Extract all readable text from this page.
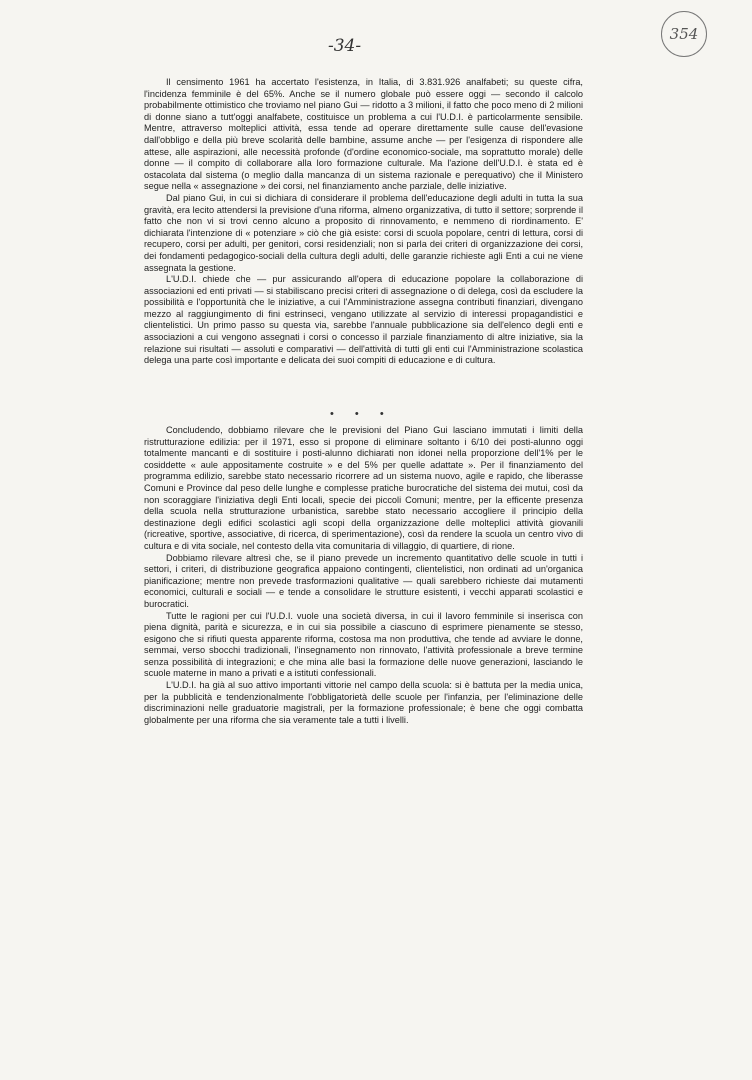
354
-34-

Il censimento 1961 ha accertato l'esistenza, in Italia, di 3.831.926 analfabeti; su queste cifra, l'incidenza femminile è del 65%. Anche se il numero globale può essere oggi — secondo il calcolo probabilmente ottimistico che troviamo nel piano Gui — ridotto a 3 milioni, il fatto che poco meno di 2 milioni di donne siano a tutt'oggi analfabete, costituisce un problema a cui l'U.D.I. è particolarmente sensibile. Mentre, attraverso molteplici attività, essa tende ad operare direttamente sulle cause dell'evasione dall'obbligo e della più breve scolarità delle bambine, assume anche — per l'esigenza di rispondere alle attese, alle aspirazioni, alle necessità profonde (d'ordine economico-sociale, ma soprattutto morale) delle donne — il compito di collaborare alla loro formazione culturale. Ma l'azione dell'U.D.I. è stata ed è ostacolata dal sistema (o meglio dalla mancanza di un sistema razionale e perequativo) che il Ministero segue nella « assegnazione » dei corsi, nel finanziamento anche parziale, delle iniziative.

Dal piano Gui, in cui si dichiara di considerare il problema dell'educazione degli adulti in tutta la sua gravità, era lecito attendersi la previsione d'una riforma, almeno organizzativa, di tutto il settore; sorprende il fatto che non vi si trovi cenno alcuno a proposito di rinnovamento, e nemmeno di riordinamento. E' dichiarata l'intenzione di « potenziare » ciò che già esiste: corsi di scuola popolare, centri di lettura, corsi di recupero, corsi per adulti, per genitori, corsi residenziali; non si parla dei criteri di organizzazione dei corsi, dei fondamenti pedagogico-sociali della cultura degli adulti, delle garanzie richieste agli Enti a cui ne viene assegnata la gestione.

L'U.D.I. chiede che — pur assicurando all'opera di educazione popolare la collaborazione di associazioni ed enti privati — si stabiliscano precisi criteri di assegnazione o di delega, così da escludere la possibilità e l'opportunità che le iniziative, a cui l'Amministrazione assegna contributi finanziari, divengano mezzo al raggiungimento di fini estrinseci, vengano utilizzate al servizio di interessi propagandistici e clientelistici. Un primo passo su questa via, sarebbe l'annuale pubblicazione sia dell'elenco degli enti e associazioni a cui vengono assegnati i corsi o concesso il parziale finanziamento di altre iniziative, sia la relazione sui risultati — assoluti e comparativi — dell'attività di tutti gli enti cui l'Amministrazione scolastica delega una parte così importante e delicata dei suoi compiti di educazione e di cultura.

• • •

Concludendo, dobbiamo rilevare che le previsioni del Piano Gui lasciano immutati i limiti della ristrutturazione edilizia: per il 1971, esso si propone di eliminare soltanto i 6/10 dei posti-alunno oggi totalmente mancanti e di sostituire i posti-alunno dichiarati non idonei nella proporzione dell'1% per le cosiddette « aule appositamente costruite » e del 5% per quelle adattate ». Per il finanziamento del programma edilizio, sarebbe stato necessario ricorrere ad un sistema nuovo, agile e rapido, che liberasse Comuni e Province dal peso delle lunghe e complesse pratiche burocratiche del sistema dei mutui, così da non scoraggiare l'iniziativa degli Enti locali, specie dei piccoli Comuni; mentre, per la efficente presenza della scuola nella strutturazione urbanistica, sarebbe stato necessario accogliere il principio della destinazione degli edifici scolastici agli scopi della organizzazione delle molteplici attività giovanili (ricreative, sportive, associative, di ricerca, di sperimentazione), così da rendere la scuola un centro vivo di cultura e di vita sociale, nel contesto della vita comunitaria di villaggio, di quartiere, di rione.

Dobbiamo rilevare altresì che, se il piano prevede un incremento quantitativo delle scuole in tutti i settori, i criteri, di distribuzione geografica appaiono contingenti, clientelistici, non ordinati ad un'organica pianificazione; mentre non prevede trasformazioni qualitative — quali sarebbero richieste dai mutamenti economici, culturali e sociali — e tende a consolidare le strutture esistenti, i vecchi apparati scolastici e burocratici.

Tutte le ragioni per cui l'U.D.I. vuole una società diversa, in cui il lavoro femminile si inserisca con piena dignità, parità e sicurezza, e in cui sia possibile a ciascuno di esprimere pienamente se stesso, esigono che si rifiuti questa apparente riforma, costosa ma non produttiva, che tende ad avviare le donne, semmai, verso sbocchi tradizionali, l'insegnamento non rinnovato, l'attività professionale a breve termine senza possibilità di integrazioni; e che mina alle basi la formazione delle nuove generazioni, lasciando le scuole materne in mano a privati e a istituti confessionali.

L'U.D.I. ha già al suo attivo importanti vittorie nel campo della scuola: si è battuta per la media unica, per la pubblicità e tendenzionalmente l'obbligatorietà delle scuole per l'infanzia, per l'eliminazione delle discriminazioni nelle graduatorie magistrali, per la formazione professionale; è bene che oggi combatta globalmente per una riforma che sia veramente tale a tutti i livelli.
